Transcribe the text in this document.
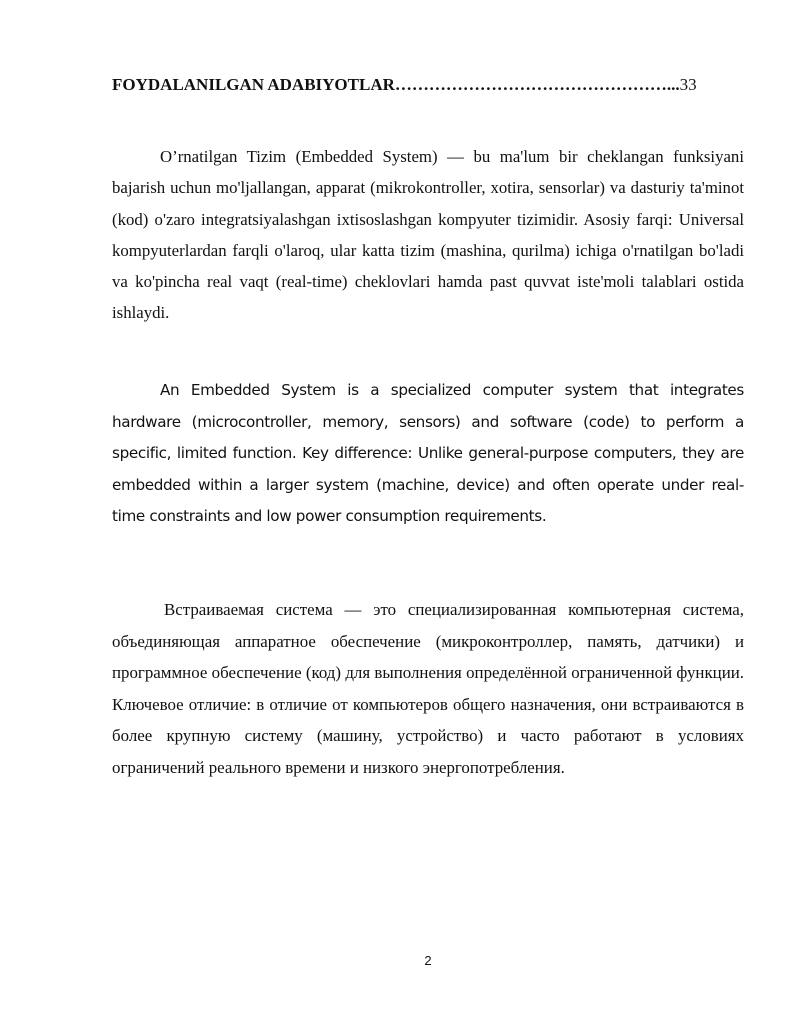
FOYDALANILGAN ADABIYOTLAR…………………………………………...33

O’rnatilgan Tizim (Embedded System) — bu ma'lum bir cheklangan funksiyani bajarish uchun mo'ljallangan, apparat (mikrokontroller, xotira, sensorlar) va dasturiy ta'minot (kod) o'zaro integratsiyalashgan ixtisoslashgan kompyuter tizimidir. Asosiy farqi: Universal kompyuterlardan farqli o'laroq, ular katta tizim (mashina, qurilma) ichiga o'rnatilgan bo'ladi va ko'pincha real vaqt (real-time) cheklovlari hamda past quvvat iste'moli talablari ostida ishlaydi.

An Embedded System is a specialized computer system that integrates hardware (microcontroller, memory, sensors) and software (code) to perform a specific, limited function. Key difference: Unlike general-purpose computers, they are embedded within a larger system (machine, device) and often operate under real-time constraints and low power consumption requirements.

Встраиваемая система — это специализированная компьютерная система, объединяющая аппаратное обеспечение (микроконтроллер, память, датчики) и программное обеспечение (код) для выполнения определённой ограниченной функции. Ключевое отличие: в отличие от компьютеров общего назначения, они встраиваются в более крупную систему (машину, устройство) и часто работают в условиях ограничений реального времени и низкого энергопотребления.

2
